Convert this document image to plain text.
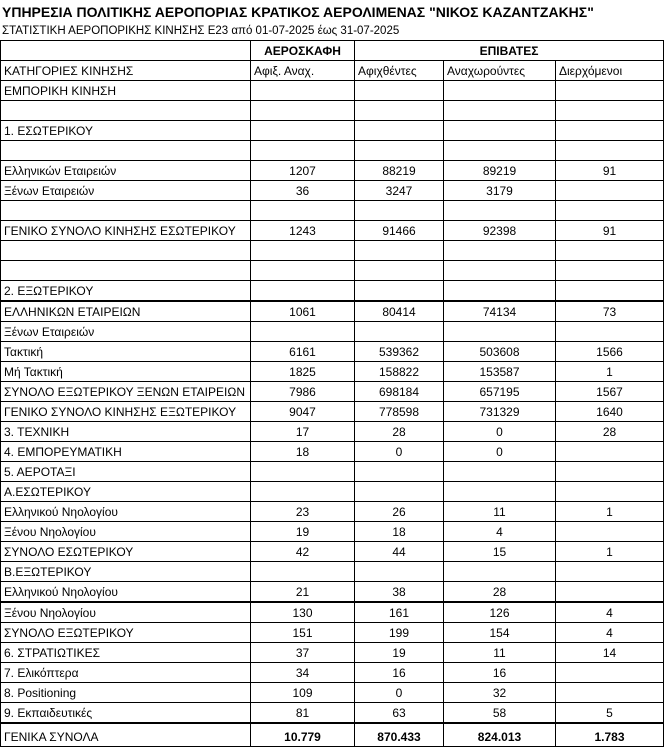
ΥΠΗΡΕΣΙΑ ΠΟΛΙΤΙΚΗΣ ΑΕΡΟΠΟΡΙΑΣ ΚΡΑΤΙΚΟΣ ΑΕΡΟΛΙΜΕΝΑΣ "ΝΙΚΟΣ ΚΑΖΑΝΤΖΑΚΗΣ"
ΣΤΑΤΙΣΤΙΚΗ ΑΕΡΟΠΟΡΙΚΗΣ ΚΙΝΗΣΗΣ Ε23 από 01-07-2025 έως 31-07-2025
	ΑΕΡΟΣΚΑΦΗ	ΕΠΙΒΑΤΕΣ		
ΚΑΤΗΓΟΡΙΕΣ ΚΙΝΗΣΗΣ	Αφιξ. Αναχ.	Αφιχθέντες	Αναχωρούντες	Διερχόμενοι
ΕΜΠΟΡΙΚΗ ΚΙΝΗΣΗ				

1. ΕΣΩΤΕΡΙΚΟΥ				

Ελληνικών Εταιρειών	1207	88219	89219	91
Ξένων Εταιρειών	36	3247	3179	

ΓΕΝΙΚΟ ΣΥΝΟΛΟ ΚΙΝΗΣΗΣ ΕΣΩΤΕΡΙΚΟΥ	1243	91466	92398	91

2. ΕΞΩΤΕΡΙΚΟΥ				
ΕΛΛΗΝΙΚΩΝ ΕΤΑΙΡΕΙΩΝ	1061	80414	74134	73
Ξένων Εταιρειών				
Τακτική	6161	539362	503608	1566
Μή Τακτική	1825	158822	153587	1
ΣΥΝΟΛΟ ΕΞΩΤΕΡΙΚΟΥ ΞΕΝΩΝ ΕΤΑΙΡΕΙΩΝ	7986	698184	657195	1567
ΓΕΝΙΚΟ ΣΥΝΟΛΟ ΚΙΝΗΣΗΣ ΕΞΩΤΕΡΙΚΟΥ	9047	778598	731329	1640
3. ΤΕΧΝΙΚΗ	17	28	0	28
4. ΕΜΠΟΡΕΥΜΑΤΙΚΗ	18	0	0	
5. ΑΕΡΟΤΑΞΙ				
Α.ΕΣΩΤΕΡΙΚΟΥ				
Ελληνικού Νηολογίου	23	26	11	1
Ξένου Νηολογίου	19	18	4	
ΣΥΝΟΛΟ ΕΣΩΤΕΡΙΚΟΥ	42	44	15	1
Β.ΕΞΩΤΕΡΙΚΟΥ				
Ελληνικού Νηολογίου	21	38	28	
Ξένου Νηολογίου	130	161	126	4
ΣΥΝΟΛΟ ΕΞΩΤΕΡΙΚΟΥ	151	199	154	4
6. ΣΤΡΑΤΙΩΤΙΚΕΣ	37	19	11	14
7. Ελικόπτερα	34	16	16	
8. Positioning	109	0	32	
9. Εκπαιδευτικές	81	63	58	5
ΓΕΝΙΚΑ ΣΥΝΟΛΑ	10.779	870.433	824.013	1.783
